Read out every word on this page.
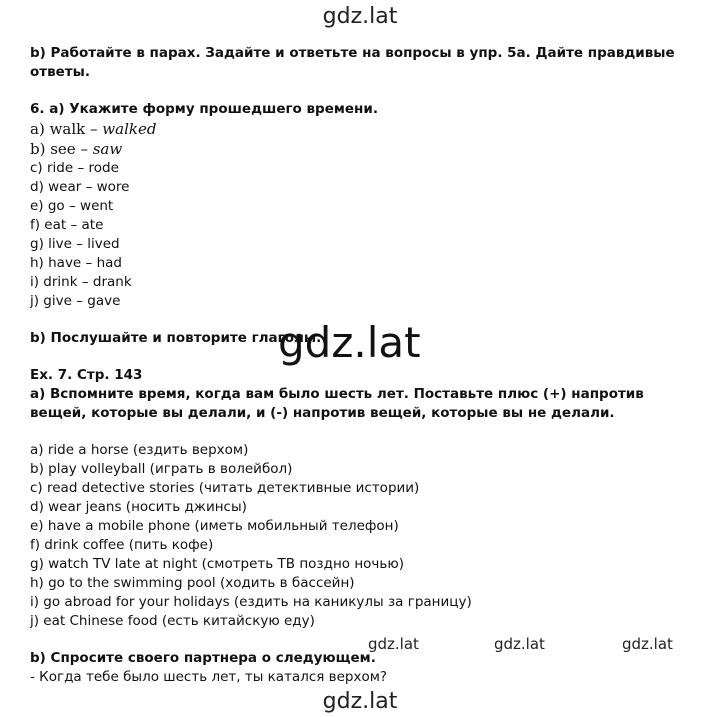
gdz.lat
b) Работайте в парах. Задайте и ответьте на вопросы в упр. 5a. Дайте правдивые ответы.
6. a) Укажите форму прошедшего времени.
a) walk – walked
b) see – saw
c) ride – rode
d) wear – wore
e) go – went
f) eat – ate
g) live – lived
h) have – had
i) drink – drank
j) give – gave
b) Послушайте и повторите глаголы.
Ex. 7. Стр. 143
a) Вспомните время, когда вам было шесть лет. Поставьте плюс (+) напротив вещей, которые вы делали, и (-) напротив вещей, которые вы не делали.
a) ride a horse (ездить верхом)
b) play volleyball (играть в волейбол)
c) read detective stories (читать детективные истории)
d) wear jeans (носить джинсы)
e) have a mobile phone (иметь мобильный телефон)
f) drink coffee (пить кофе)
g) watch TV late at night (смотреть ТВ поздно ночью)
h) go to the swimming pool (ходить в бассейн)
i) go abroad for your holidays (ездить на каникулы за границу)
j) eat Chinese food (есть китайскую еду)
b) Спросите своего партнера о следующем.
- Когда тебе было шесть лет, ты катался верхом?
gdz.lat
gdz.lat	gdz.lat	gdz.lat
gdz.lat
